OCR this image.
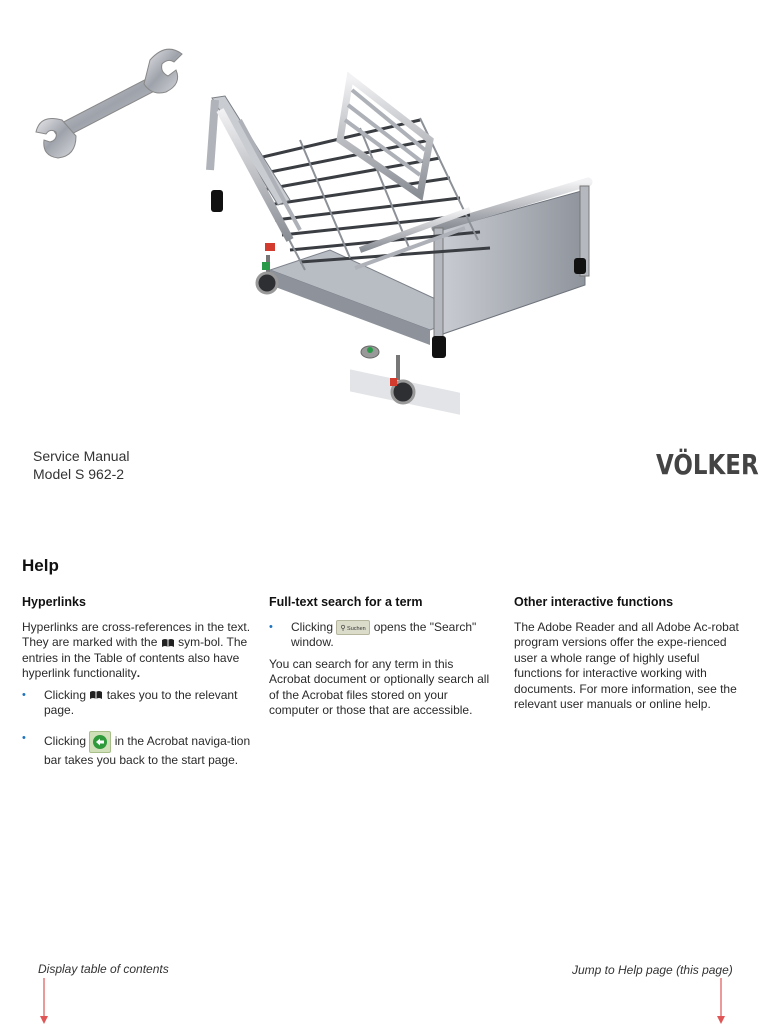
Service Manual
Model S 962-2	VÖLKER
Help
Hyperlinks

Hyperlinks are cross-references in the text. They are marked with the  sym-bol. The entries in the Table of contents also have hyperlink functionality.

• Clicking  takes you to the relevant page.
• Clicking
in the Acrobat naviga-tion bar takes you back to the start page.
Full-text search for a term
• Clicking ⚲ Suchen opens the "Search" window.

You can search for any term in this Acrobat document or optionally search all of the Acrobat files stored on your computer or those that are accessible.

Other interactive functions

The Adobe Reader and all Adobe Ac-robat program versions offer the expe-rienced user a whole range of highly useful functions for interactive working with documents. For more information, see the relevant user manuals or online help.

Display table of contents	Jump to Help page (this page)
